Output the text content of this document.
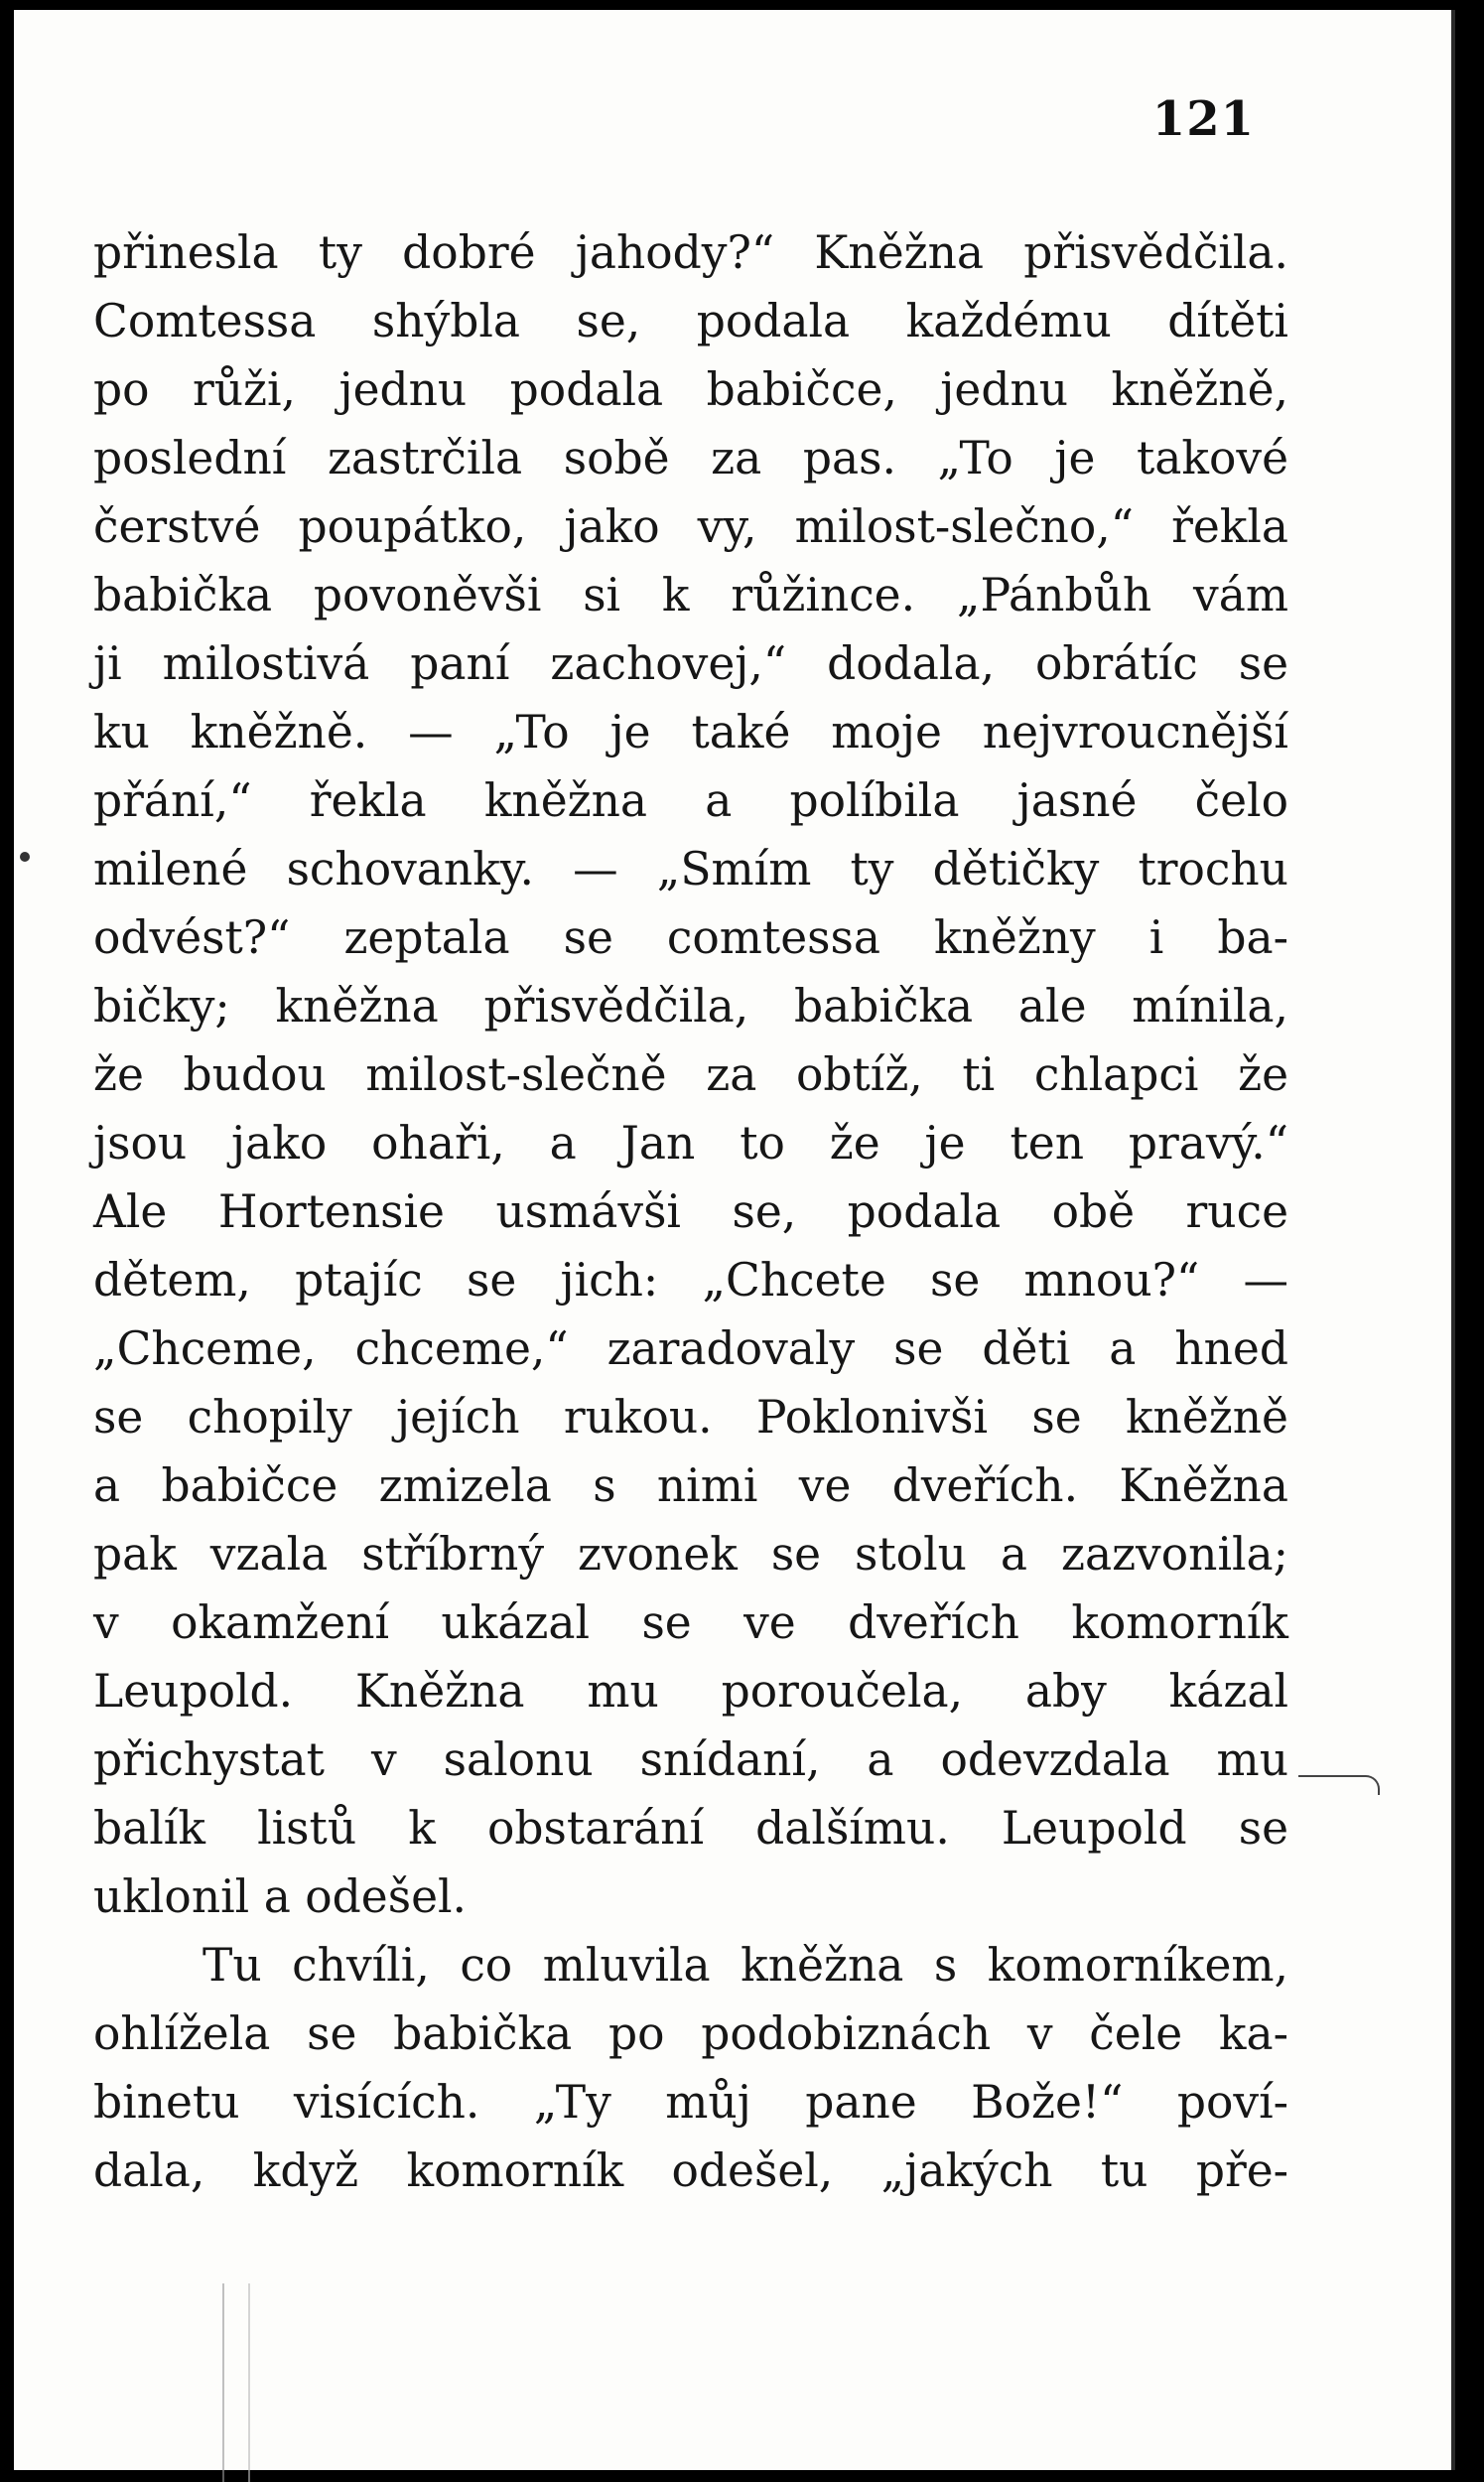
121
přinesla ty dobré jahody?“ Kněžna přisvědčila.
Comtessa shýbla se, podala každému dítěti
po růži, jednu podala babičce, jednu kněžně,
poslední zastrčila sobě za pas. „To je takové
čerstvé poupátko, jako vy, milost-slečno,“ řekla
babička povoněvši si k růžince. „Pánbůh vám
ji milostivá paní zachovej,“ dodala, obrátíc se
ku kněžně. — „To je také moje nejvroucnější
přání,“ řekla kněžna a políbila jasné čelo
milené schovanky. — „Smím ty dětičky trochu
odvést?“ zeptala se comtessa kněžny i ba-
bičky; kněžna přisvědčila, babička ale mínila,
že budou milost-slečně za obtíž, ti chlapci že
jsou jako ohaři, a Jan to že je ten pravý.“
Ale Hortensie usmávši se, podala obě ruce
dětem, ptajíc se jich: „Chcete se mnou?“ —
„Chceme, chceme,“ zaradovaly se děti a hned
se chopily jejích rukou. Poklonivši se kněžně
a babičce zmizela s nimi ve dveřích. Kněžna
pak vzala stříbrný zvonek se stolu a zazvonila;
v okamžení ukázal se ve dveřích komorník
Leupold. Kněžna mu poroučela, aby kázal
přichystat v salonu snídaní, a odevzdala mu
balík listů k obstarání dalšímu. Leupold se
uklonil a odešel.
Tu chvíli, co mluvila kněžna s komorníkem,
ohlížela se babička po podobiznách v čele ka-
binetu visících. „Ty můj pane Bože!“ poví-
dala, když komorník odešel, „jakých tu pře-
